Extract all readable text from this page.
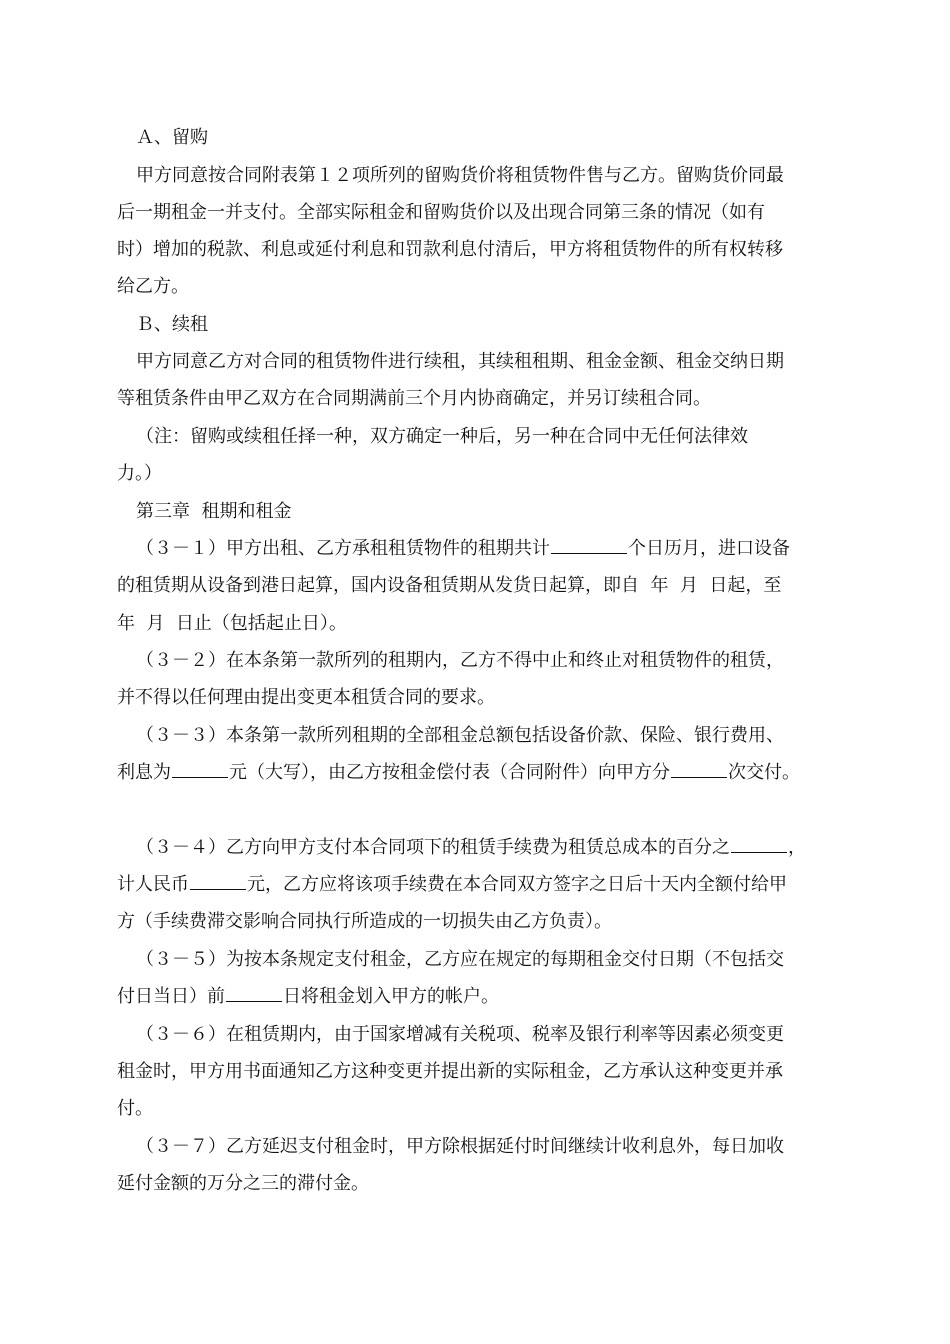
Ａ、留购
甲方同意按合同附表第１２项所列的留购货价将租赁物件售与乙方。留购货价同最
后一期租金一并支付。全部实际租金和留购货价以及出现合同第三条的情况（如有
时）增加的税款、利息或延付利息和罚款利息付清后，甲方将租赁物件的所有权转移
给乙方。
Ｂ、续租
甲方同意乙方对合同的租赁物件进行续租，其续租租期、租金金额、租金交纳日期
等租赁条件由甲乙双方在合同期满前三个月内协商确定，并另订续租合同。
（注：留购或续租任择一种，双方确定一种后，另一种在合同中无任何法律效
力。）
第三章  租期和租金
（３－１）甲方出租、乙方承租租赁物件的租期共计	个日历月，进口设备
的租赁期从设备到港日起算，国内设备租赁期从发货日起算，即自  年  月  日起，至
年  月  日止（包括起止日）。
（３－２）在本条第一款所列的租期内，乙方不得中止和终止对租赁物件的租赁，
并不得以任何理由提出变更本租赁合同的要求。
（３－３）本条第一款所列租期的全部租金总额包括设备价款、保险、银行费用、
利息为	元（大写），由乙方按租金偿付表（合同附件）向甲方分	次交付。
（３－４）乙方向甲方支付本合同项下的租赁手续费为租赁总成本的百分之	，
计人民币	元，乙方应将该项手续费在本合同双方签字之日后十天内全额付给甲
方（手续费滞交影响合同执行所造成的一切损失由乙方负责）。
（３－５）为按本条规定支付租金，乙方应在规定的每期租金交付日期（不包括交
付日当日）前	日将租金划入甲方的帐户。
（３－６）在租赁期内，由于国家增减有关税项、税率及银行利率等因素必须变更
租金时，甲方用书面通知乙方这种变更并提出新的实际租金，乙方承认这种变更并承
付。
（３－７）乙方延迟支付租金时，甲方除根据延付时间继续计收利息外，每日加收
延付金额的万分之三的滞付金。
